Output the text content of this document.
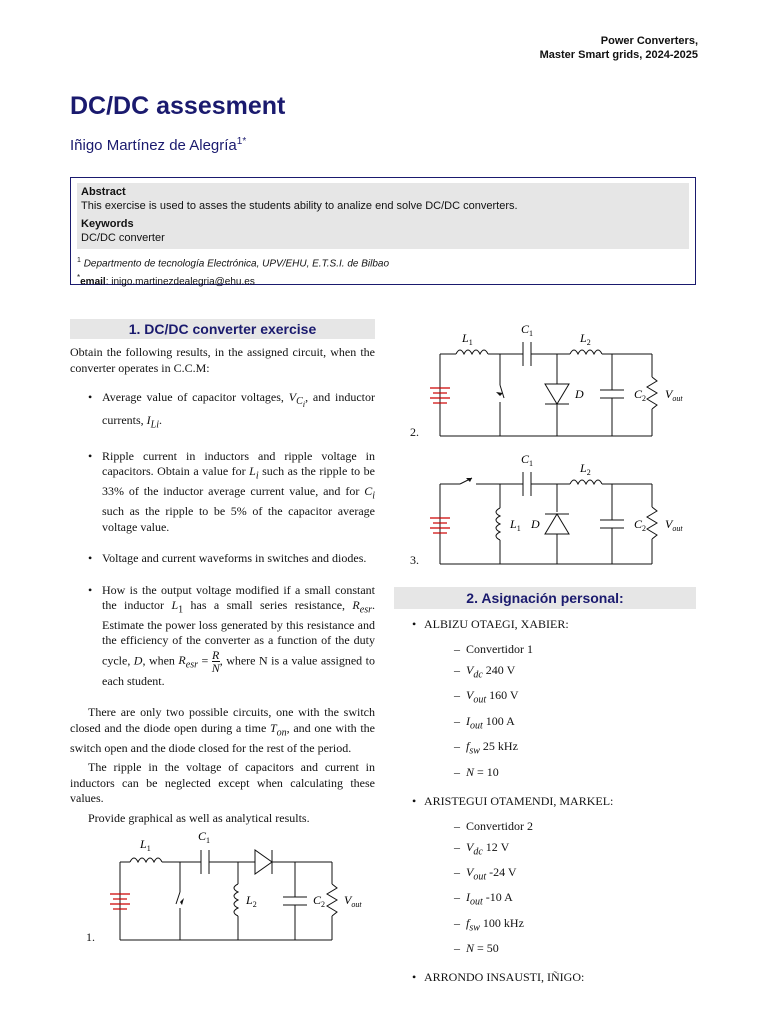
Power Converters,
Master Smart grids, 2024-2025
DC/DC assesment
Iñigo Martínez de Alegría$^{1*}$
Abstract
This exercise is used to asses the students ability to analize end solve DC/DC converters.
Keywords
DC/DC converter
$^1$ Departmento de tecnología Electrónica, UPV/EHU, E.T.S.I. de Bilbao
*email: inigo.martinezdealegria@ehu.es
1. DC/DC converter exercise

Obtain the following results, in the assigned circuit, when the converter operates in C.C.M:

• Average value of capacitor voltages, $V_{C_i}$, and inductor currents, $I_{Li}$.
• Ripple current in inductors and ripple voltage in capacitors. Obtain a value for $L_i$ such as the ripple to be 33% of the inductor average current value, and for $C_i$ such as the ripple to be 5% of the capacitor average voltage value.
• Voltage and current waveforms in switches and diodes.
• How is the output voltage modified if a small constant the inductor $L_1$ has a small series resistance, $R_{esr}$. Estimate the power loss generated by this resistance and the efficiency of the converter as a function of the duty cycle, D, when $R_{esr} = \frac{R}{N}$ , where N is a value assigned to each student.

There are only two possible circuits, one with the switch closed and the diode open during a time $T_{on}$, and one with the switch open and the diode closed for the rest of the period.

The ripple in the voltage of capacitors and current in inductors can be neglected except when calculating these values.

Provide graphical as well as analytical results.

$L_1$
$C_1$
$L_2$	$C_2$ $V_{out}$
1.
$L_1$
$C_1$	$L_2$
D	$C_2$ $V_{out}$
2.
$C_1$	$L_2$
$L_1$ D	$C_2$ $V_{out}$
3.
2. Asignación personal:
• ALBIZU OTAEGI, XABIER:
– Convertidor 1
– $V_{dc}$ 240 V
– $V_{out}$ 160 V
– $I_{out}$ 100 A
– $f_{sw}$ 25 kHz
– N = 10
• ARISTEGUI OTAMENDI, MARKEL:
– Convertidor 2
– $V_{dc}$ 12 V
– $V_{out}$ -24 V
– $I_{out}$ -10 A
– $f_{sw}$ 100 kHz
– N = 50
• ARRONDO INSAUSTI, IÑIGO:
